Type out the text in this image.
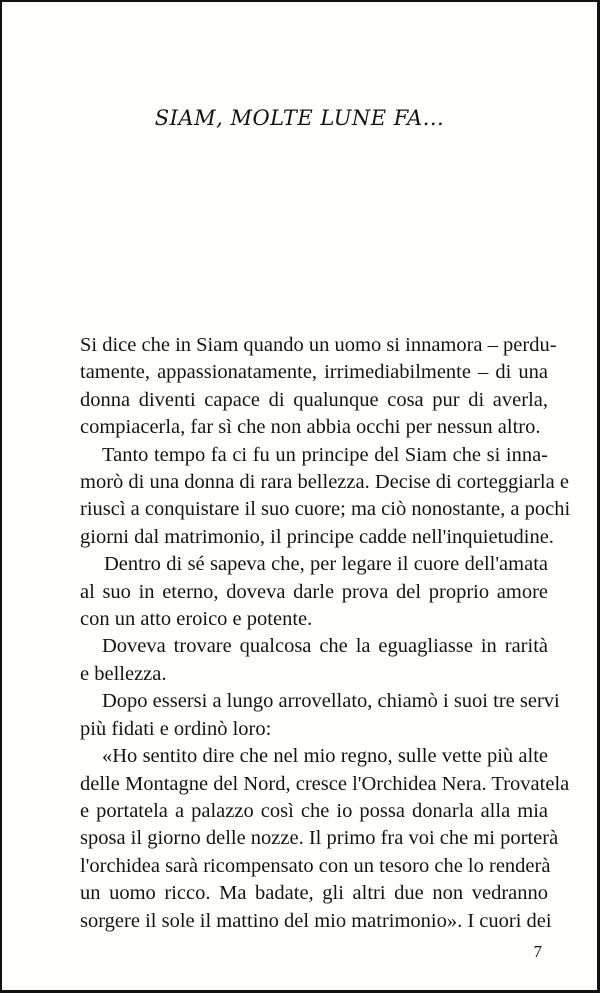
SIAM, MOLTE LUNE FA...

Si dice che in Siam quando un uomo si innamora – perdu-
tamente, appassionatamente, irrimediabilmente – di una
donna diventi capace di qualunque cosa pur di averla,
compiacerla, far sì che non abbia occhi per nessun altro.

Tanto tempo fa ci fu un principe del Siam che si inna-
morò di una donna di rara bellezza. Decise di corteggiarla e
riuscì a conquistare il suo cuore; ma ciò nonostante, a pochi
giorni dal matrimonio, il principe cadde nell'inquietudine.

Dentro di sé sapeva che, per legare il cuore dell'amata
al suo in eterno, doveva darle prova del proprio amore
con un atto eroico e potente.

Doveva trovare qualcosa che la eguagliasse in rarità
e bellezza.

Dopo essersi a lungo arrovellato, chiamò i suoi tre servi
più fidati e ordinò loro:

«Ho sentito dire che nel mio regno, sulle vette più alte
delle Montagne del Nord, cresce l'Orchidea Nera. Trovatela
e portatela a palazzo così che io possa donarla alla mia
sposa il giorno delle nozze. Il primo fra voi che mi porterà
l'orchidea sarà ricompensato con un tesoro che lo renderà
un uomo ricco. Ma badate, gli altri due non vedranno
sorgere il sole il mattino del mio matrimonio». I cuori dei

7
